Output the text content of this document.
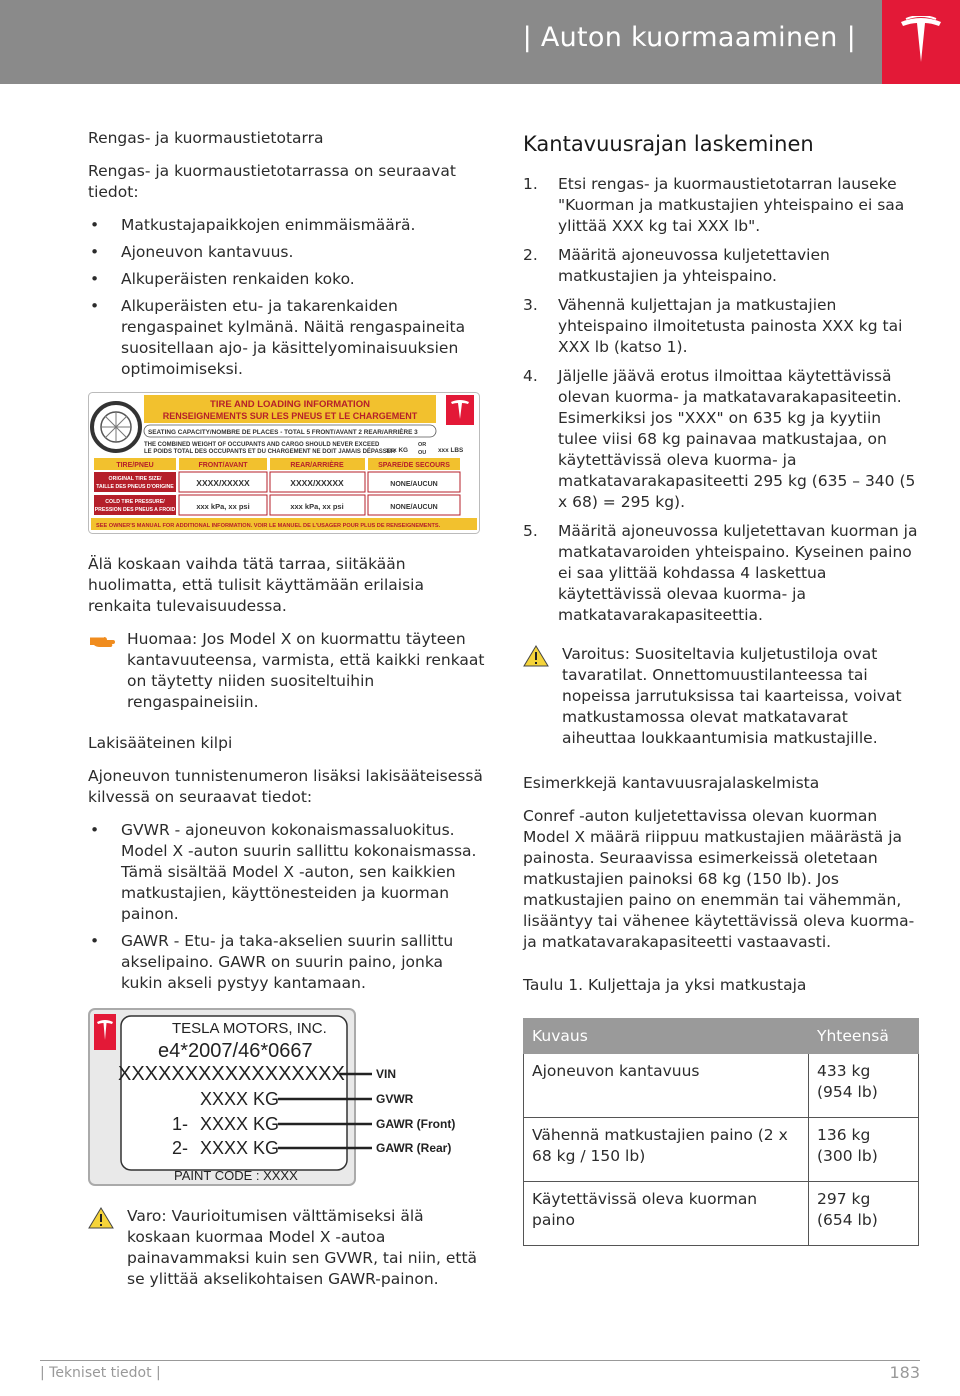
| Auton kuormaaminen |

Rengas- ja kuormaustietotarra

Rengas- ja kuormaustietotarrassa on seuraavat tiedot:

• Matkustajapaikkojen enimmäismäärä.
• Ajoneuvon kantavuus.
• Alkuperäisten renkaiden koko.
• Alkuperäisten etu- ja takarenkaiden rengaspainet kylmänä. Näitä rengaspaineita suositellaan ajo- ja käsittelyominaisuuksien optimoimiseksi.
TIRE AND LOADING INFORMATION
RENSEIGNEMENTS SUR LES PNEUS ET LE CHARGEMENT
SEATING CAPACITY/NOMBRE DE PLACES - TOTAL 5 FRONT/AVANT 2 REAR/ARRIÈRE 3
THE COMBINED WEIGHT OF OCCUPANTS AND CARGO SHOULD NEVER EXCEED
LE POIDS TOTAL DES OCCUPANTS ET DU CHARGEMENT NE DOIT JAMAIS DÉPASSER
xxx KG
OR
OU xxx LBS
TIRE/PNEU	FRONT/AVANT	REAR/ARRIÈRE	SPARE/DE SECOURS
ORIGINAL TIRE SIZE/
TAILLE DES PNEUS D'ORIGINE	XXXX/XXXXX	XXXX/XXXXX	NONE/AUCUN
COLD TIRE PRESSURE/
PRESSION DES PNEUS A FROID	xxx kPa, xx psi	xxx kPa, xx psi	NONE/AUCUN
SEE OWNER'S MANUAL FOR ADDITIONAL INFORMATION. VOIR LE MANUEL DE L'USAGER POUR PLUS DE RENSEIGNEMENTS.

Älä koskaan vaihda tätä tarraa, siitäkään huolimatta, että tulisit käyttämään erilaisia renkaita tulevaisuudessa.

Huomaa: Jos Model X on kuormattu täyteen kantavuuteensa, varmista, että kaikki renkaat on täytetty niiden suositeltuihin rengaspaineisiin.

Lakisääteinen kilpi

Ajoneuvon tunnistenumeron lisäksi lakisääteisessä kilvessä on seuraavat tiedot:

• GVWR - ajoneuvon kokonaismassaluokitus. Model X -auton suurin sallittu kokonaismassa. Tämä sisältää Model X -auton, sen kaikkien matkustajien, käyttönesteiden ja kuorman painon.
• GAWR - Etu- ja taka-akselien suurin sallittu akselipaino. GAWR on suurin paino, jonka kukin akseli pystyy kantamaan.
TESLA MOTORS, INC.
e4*2007/46*0667
XXXXXXXXXXXXXXXXX
XXXX KG
1- XXXX KG
2- XXXX KG
PAINT CODE : XXXX
VIN
GVWR
GAWR (Front)
GAWR (Rear)

Varo: Vaurioitumisen välttämiseksi älä koskaan kuormaa Model X -autoa painavammaksi kuin sen GVWR, tai niin, että se ylittää akselikohtaisen GAWR-painon.

Kantavuusrajan laskeminen
1. Etsi rengas- ja kuormaustietotarran lauseke "Kuorman ja matkustajien yhteispaino ei saa ylittää XXX kg tai XXX lb".
2. Määritä ajoneuvossa kuljetettavien matkustajien ja yhteispaino.
3. Vähennä kuljettajan ja matkustajien yhteispaino ilmoitetusta painosta XXX kg tai XXX lb (katso 1).
4. Jäljelle jäävä erotus ilmoittaa käytettävissä olevan kuorma- ja matkatavarakapasiteetin. Esimerkiksi jos "XXX" on 635 kg ja kyytiin tulee viisi 68 kg painavaa matkustajaa, on käytettävissä oleva kuorma- ja matkatavarakapasiteetti 295 kg (635 – 340 (5 x 68) = 295 kg).
5. Määritä ajoneuvossa kuljetettavan kuorman ja matkatavaroiden yhteispaino. Kyseinen paino ei saa ylittää kohdassa 4 laskettua käytettävissä olevaa kuorma- ja matkatavarakapasiteettia.

Varoitus: Suositeltavia kuljetustiloja ovat tavaratilat. Onnettomuustilanteessa tai nopeissa jarrutuksissa tai kaarteissa, voivat matkustamossa olevat matkatavarat aiheuttaa loukkaantumisia matkustajille.

Esimerkkejä kantavuusrajalaskelmista

Conref -auton kuljetettavissa olevan kuorman Model X määrä riippuu matkustajien määrästä ja painosta. Seuraavissa esimerkeissä oletetaan matkustajien painoksi 68 kg (150 lb). Jos matkustajien paino on enemmän tai vähemmän, lisääntyy tai vähenee käytettävissä oleva kuorma- ja matkatavarakapasiteetti vastaavasti.

Taulu 1. Kuljettaja ja yksi matkustaja

Kuvaus	Yhteensä
Ajoneuvon kantavuus	433 kg
(954 lb)
Vähennä matkustajien paino (2 x 68 kg / 150 lb)	136 kg
(300 lb)
Käytettävissä oleva kuorman paino	297 kg
(654 lb)
| Tekniset tiedot |	183
